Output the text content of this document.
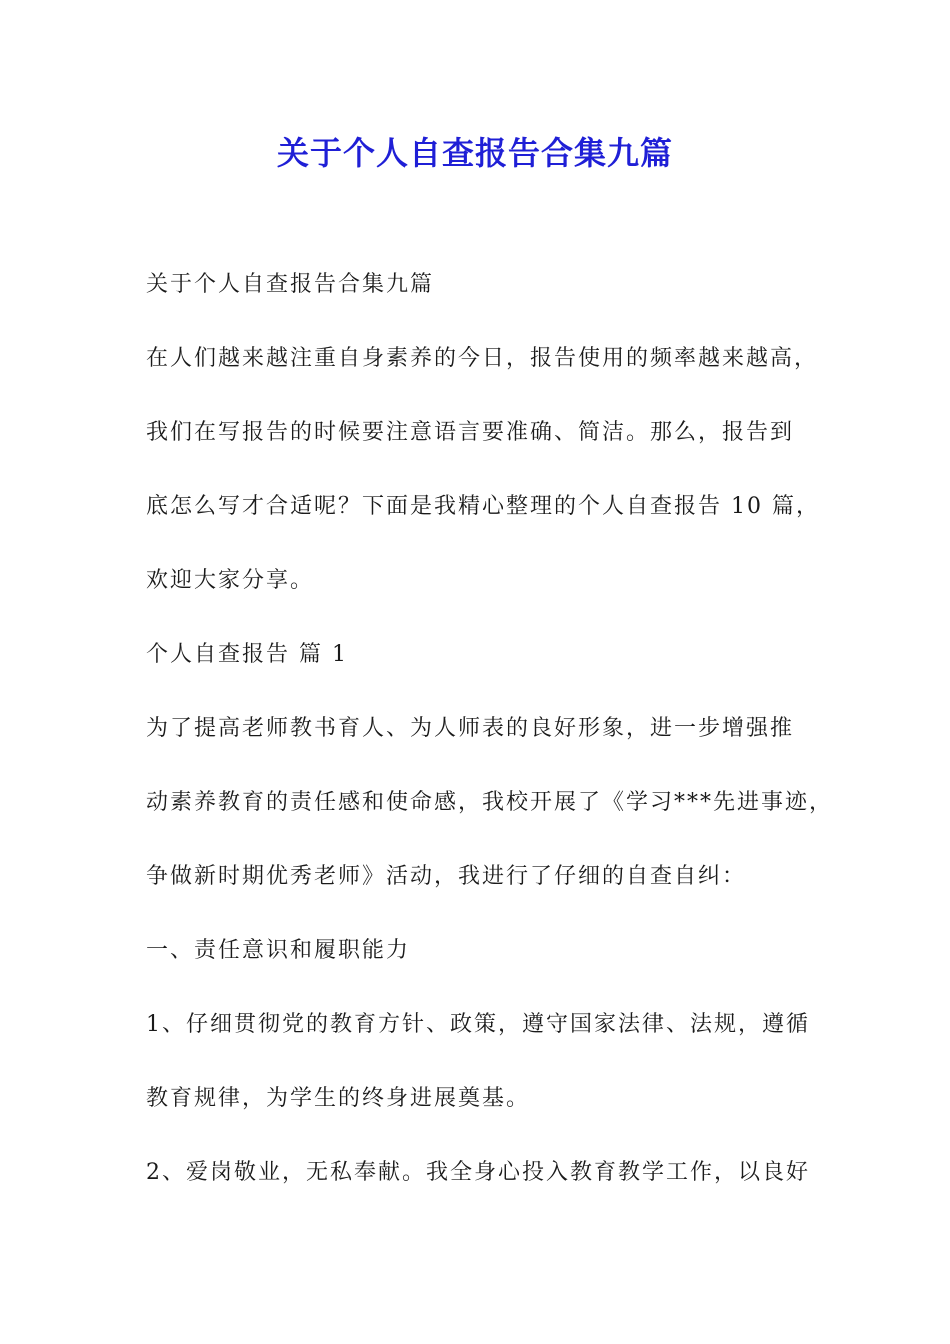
关于个人自查报告合集九篇

关于个人自查报告合集九篇

在人们越来越注重自身素养的今日，报告使用的频率越来越高，

我们在写报告的时候要注意语言要准确、简洁。那么，报告到

底怎么写才合适呢？下面是我精心整理的个人自查报告 10 篇，

欢迎大家分享。

个人自查报告 篇 1

为了提高老师教书育人、为人师表的良好形象，进一步增强推

动素养教育的责任感和使命感，我校开展了《学习***先进事迹，

争做新时期优秀老师》活动，我进行了仔细的自查自纠：

一、责任意识和履职能力

1、仔细贯彻党的教育方针、政策，遵守国家法律、法规，遵循

教育规律，为学生的终身进展奠基。

2、爱岗敬业，无私奉献。我全身心投入教育教学工作，以良好
